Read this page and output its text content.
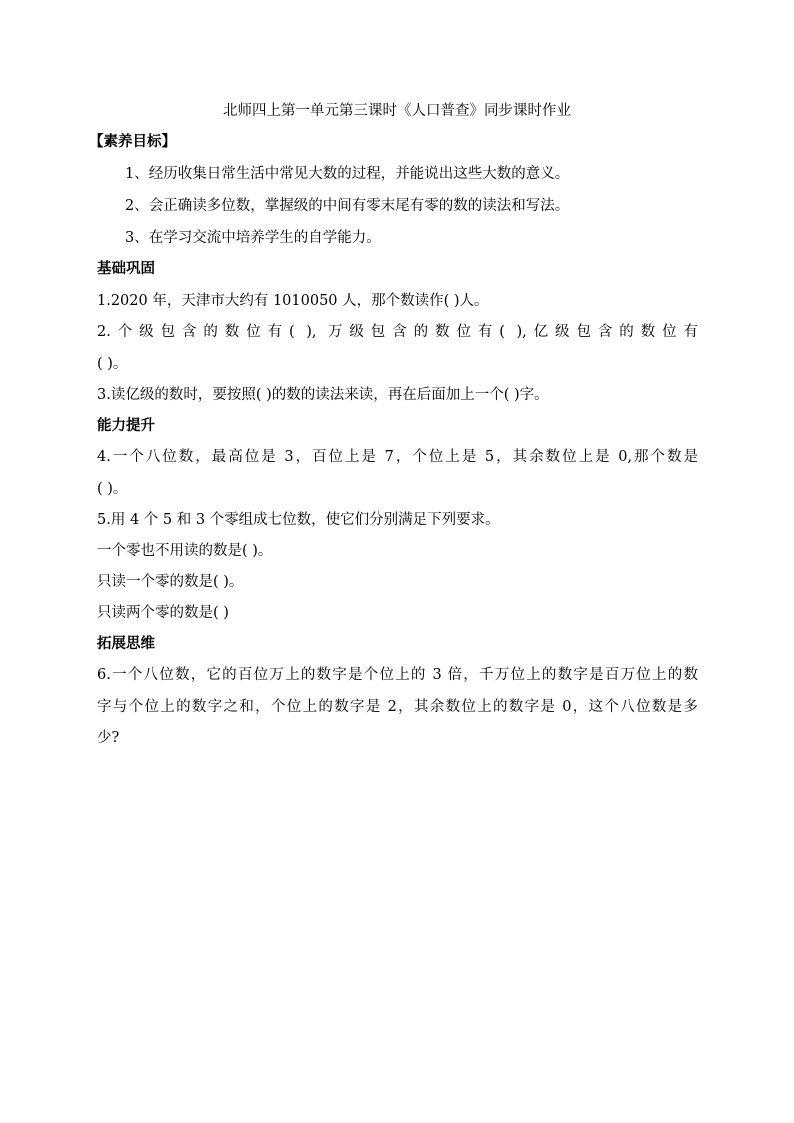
北师四上第一单元第三课时《人口普查》同步课时作业
【素养目标】
1、经历收集日常生活中常见大数的过程，并能说出这些大数的意义。
2、会正确读多位数，掌握级的中间有零末尾有零的数的读法和写法。
3、在学习交流中培养学生的自学能力。
基础巩固
1.2020 年，天津市大约有 1010050 人，那个数读作( )人。
2.个级包含的数位有( ), 万级包含的数位有( ),亿级包含的数位有
( )。
3.读亿级的数时，要按照( )的数的读法来读，再在后面加上一个( )字。
能力提升
4.一个八位数，最高位是 3，百位上是 7，个位上是 5，其余数位上是 0,那个数是
( )。
5.用 4 个 5 和 3 个零组成七位数，使它们分别满足下列要求。
一个零也不用读的数是( )。
只读一个零的数是( )。
只读两个零的数是( )
拓展思维
6.一个八位数，它的百位万上的数字是个位上的 3 倍，千万位上的数字是百万位上的数
字与个位上的数字之和，个位上的数字是 2，其余数位上的数字是 0，这个八位数是多
少?
